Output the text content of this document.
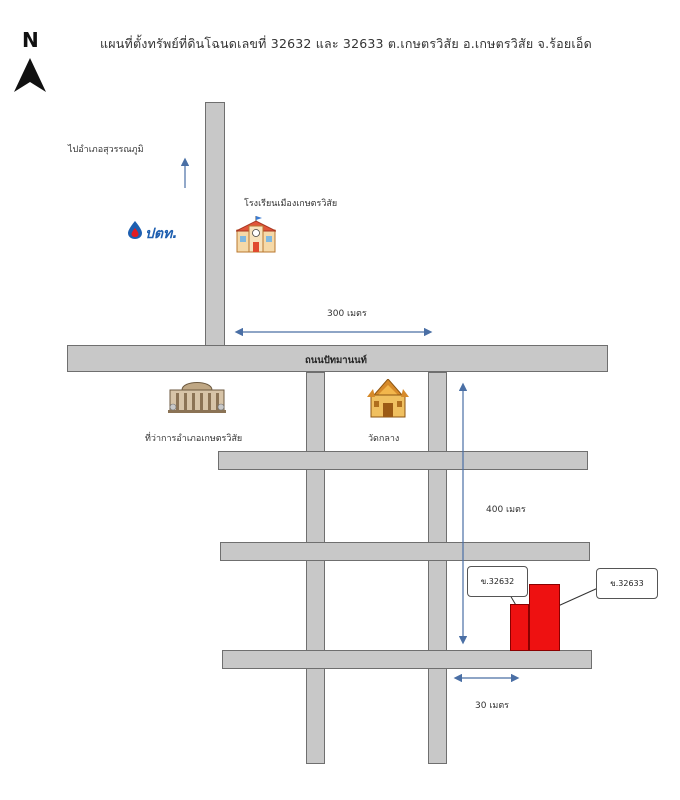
แผนที่ตั้งทรัพย์ที่ดินโฉนดเลขที่ 32632 และ 32633 ต.เกษตรวิสัย อ.เกษตรวิสัย จ.ร้อยเอ็ด
N
ถนนปัทมานนท์
ไปอำเภอสุวรรณภูมิ
ปตท.
โรงเรียนเมืองเกษตรวิสัย
300 เมตร
ที่ว่าการอำเภอเกษตรวิสัย	วัดกลาง
400 เมตร
ข.32632	ข.32633
30 เมตร
